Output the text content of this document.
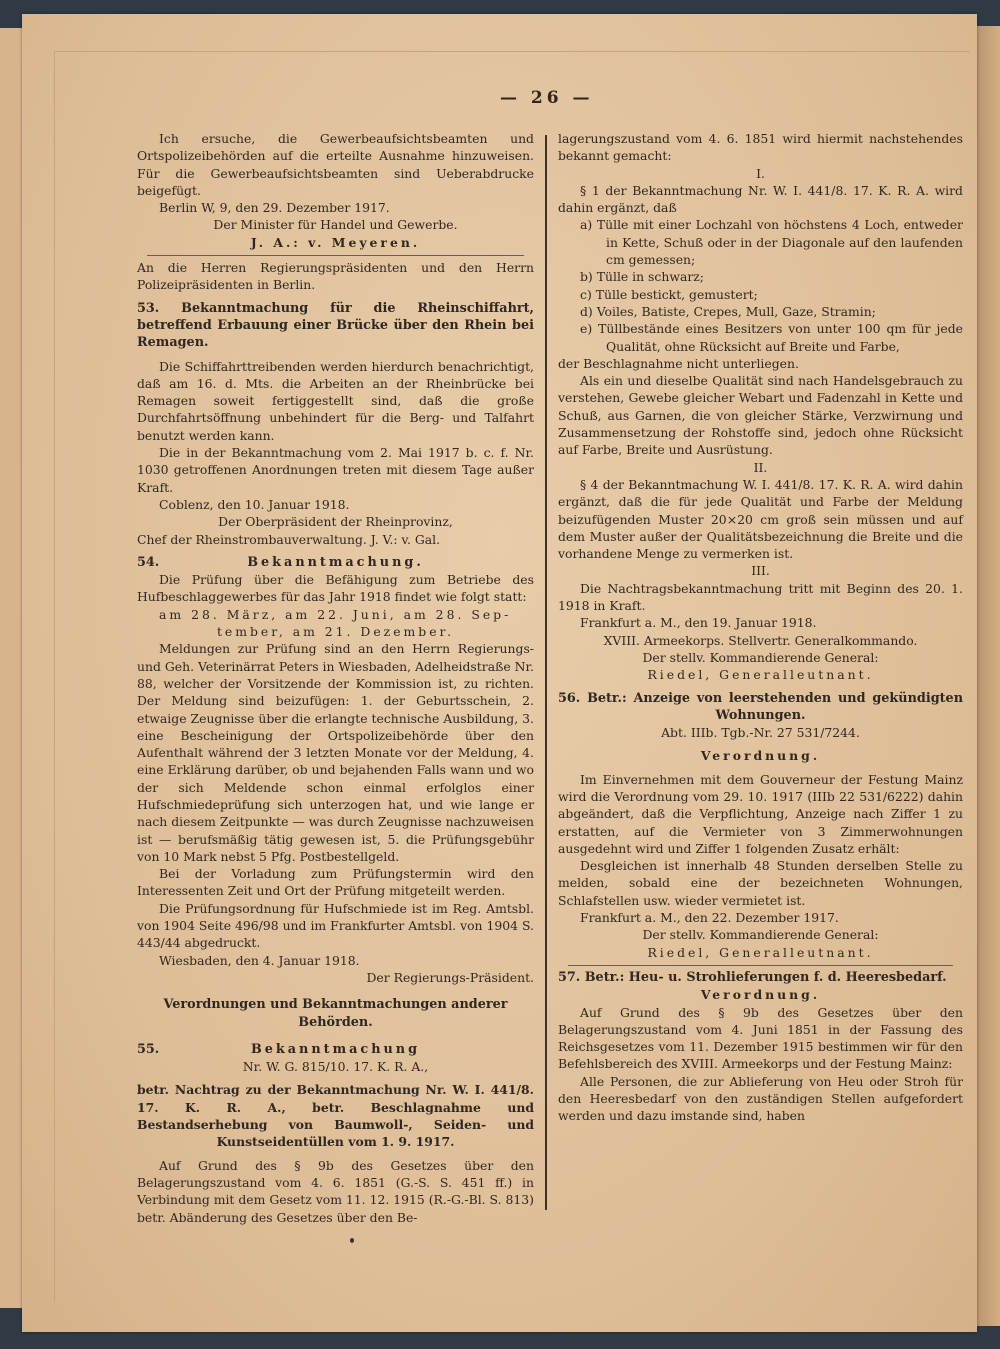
— 26 —

Ich ersuche, die Gewerbeaufsichtsbeamten und Ortspolizeibehörden auf die erteilte Ausnahme hinzuweisen. Für die Gewerbeaufsichtsbeamten sind Ueberabdrucke beigefügt.

Berlin W, 9, den 29. Dezember 1917.

Der Minister für Handel und Gewerbe.

J. A.: v. Meyeren.

An die Herren Regierungspräsidenten und den Herrn Polizeipräsidenten in Berlin.

53. Bekanntmachung für die Rheinschiffahrt, betreffend Erbauung einer Brücke über den Rhein bei Remagen.

Die Schiffahrttreibenden werden hierdurch benachrichtigt, daß am 16. d. Mts. die Arbeiten an der Rheinbrücke bei Remagen soweit fertiggestellt sind, daß die große Durchfahrtsöffnung unbehindert für die Berg- und Talfahrt benutzt werden kann.

Die in der Bekanntmachung vom 2. Mai 1917 b. c. f. Nr. 1030 getroffenen Anordnungen treten mit diesem Tage außer Kraft.

Coblenz, den 10. Januar 1918.

Der Oberpräsident der Rheinprovinz,

Chef der Rheinstrombauverwaltung. J. V.: v. Gal.

54.	Bekanntmachung.

Die Prüfung über die Befähigung zum Betriebe des Hufbeschlaggewerbes für das Jahr 1918 findet wie folgt statt:

am 28. März, am 22. Juni, am 28. Sep-

tember, am 21. Dezember.

Meldungen zur Prüfung sind an den Herrn Regierungs- und Geh. Veterinärrat Peters in Wiesbaden, Adelheidstraße Nr. 88, welcher der Vorsitzende der Kommission ist, zu richten. Der Meldung sind beizufügen: 1. der Geburtsschein, 2. etwaige Zeugnisse über die erlangte technische Ausbildung, 3. eine Bescheinigung der Ortspolizeibehörde über den Aufenthalt während der 3 letzten Monate vor der Meldung, 4. eine Erklärung darüber, ob und bejahenden Falls wann und wo der sich Meldende schon einmal erfolglos einer Hufschmiedeprüfung sich unterzogen hat, und wie lange er nach diesem Zeitpunkte — was durch Zeugnisse nachzuweisen ist — berufsmäßig tätig gewesen ist, 5. die Prüfungsgebühr von 10 Mark nebst 5 Pfg. Postbestellgeld.

Bei der Vorladung zum Prüfungstermin wird den Interessenten Zeit und Ort der Prüfung mitgeteilt werden.

Die Prüfungsordnung für Hufschmiede ist im Reg. Amtsbl. von 1904 Seite 496/98 und im Frankfurter Amtsbl. von 1904 S. 443/44 abgedruckt.

Wiesbaden, den 4. Januar 1918.

Der Regierungs-Präsident.

Verordnungen und Bekanntmachungen anderer Behörden.

55.	Bekanntmachung

Nr. W. G. 815/10. 17. K. R. A.,

betr. Nachtrag zu der Bekanntmachung Nr. W. I. 441/8. 17. K. R. A., betr. Beschlagnahme und Bestandserhebung von Baumwoll-, Seiden- und Kunstseidentüllen vom 1. 9. 1917.

Auf Grund des § 9b des Gesetzes über den Belagerungszustand vom 4. 6. 1851 (G.-S. S. 451 ff.) in Verbindung mit dem Gesetz vom 11. 12. 1915 (R.-G.-Bl. S. 813) betr. Abänderung des Gesetzes über den Be-

lagerungszustand vom 4. 6. 1851 wird hiermit nachstehendes bekannt gemacht:

I.

§ 1 der Bekanntmachung Nr. W. I. 441/8. 17. K. R. A. wird dahin ergänzt, daß

a) Tülle mit einer Lochzahl von höchstens 4 Loch, entweder in Kette, Schuß oder in der Diagonale auf den laufenden cm gemessen;

b) Tülle in schwarz;

c) Tülle bestickt, gemustert;

d) Voiles, Batiste, Crepes, Mull, Gaze, Stramin;

e) Tüllbestände eines Besitzers von unter 100 qm für jede Qualität, ohne Rücksicht auf Breite und Farbe,

der Beschlagnahme nicht unterliegen.

Als ein und dieselbe Qualität sind nach Handelsgebrauch zu verstehen, Gewebe gleicher Webart und Fadenzahl in Kette und Schuß, aus Garnen, die von gleicher Stärke, Verzwirnung und Zusammensetzung der Rohstoffe sind, jedoch ohne Rücksicht auf Farbe, Breite und Ausrüstung.

II.

§ 4 der Bekanntmachung W. I. 441/8. 17. K. R. A. wird dahin ergänzt, daß die für jede Qualität und Farbe der Meldung beizufügenden Muster 20×20 cm groß sein müssen und auf dem Muster außer der Qualitätsbezeichnung die Breite und die vorhandene Menge zu vermerken ist.

III.

Die Nachtragsbekanntmachung tritt mit Beginn des 20. 1. 1918 in Kraft.

Frankfurt a. M., den 19. Januar 1918.

XVIII. Armeekorps. Stellvertr. Generalkommando.

Der stellv. Kommandierende General:

Riedel, Generalleutnant.

56. Betr.: Anzeige von leerstehenden und gekündigten Wohnungen.

Abt. IIIb. Tgb.-Nr. 27 531/7244.

Verordnung.

Im Einvernehmen mit dem Gouverneur der Festung Mainz wird die Verordnung vom 29. 10. 1917 (IIIb 22 531/6222) dahin abgeändert, daß die Verpflichtung, Anzeige nach Ziffer 1 zu erstatten, auf die Vermieter von 3 Zimmerwohnungen ausgedehnt wird und Ziffer 1 folgenden Zusatz erhält:

Desgleichen ist innerhalb 48 Stunden derselben Stelle zu melden, sobald eine der bezeichneten Wohnungen, Schlafstellen usw. wieder vermietet ist.

Frankfurt a. M., den 22. Dezember 1917.

Der stellv. Kommandierende General:

Riedel, Generalleutnant.

57. Betr.: Heu- u. Strohlieferungen f. d. Heeresbedarf.

Verordnung.

Auf Grund des § 9b des Gesetzes über den Belagerungszustand vom 4. Juni 1851 in der Fassung des Reichsgesetzes vom 11. Dezember 1915 bestimmen wir für den Befehlsbereich des XVIII. Armeekorps und der Festung Mainz:

Alle Personen, die zur Ablieferung von Heu oder Stroh für den Heeresbedarf von den zuständigen Stellen aufgefordert werden und dazu imstande sind, haben
